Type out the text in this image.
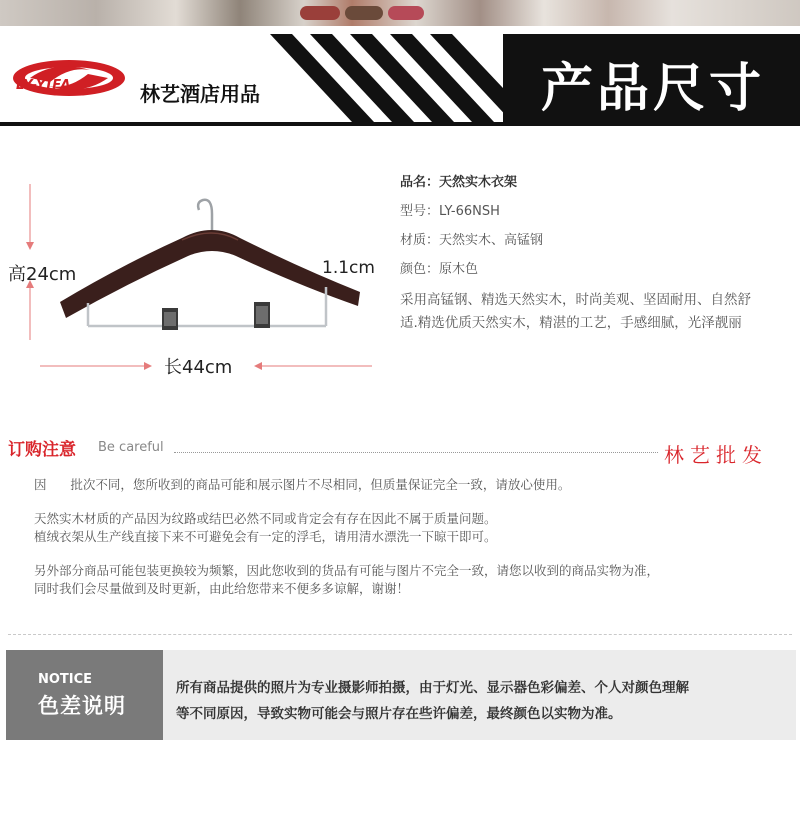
LY-YIFA	林艺酒店用品	产品尺寸
高24cm	1.1cm
长44cm
品名：天然实木衣架
型号：LY-66NSH
材质：天然实木、高锰钢
颜色：原木色
采用高锰钢、精选天然实木，时尚美观、坚固耐用、自然舒
适.精选优质天然实木，精湛的工艺，手感细腻，光泽靓丽
订购注意 Be careful	林艺批发
因      批次不同，您所收到的商品可能和展示图片不尽相同，但质量保证完全一致，请放心使用。
天然实木材质的产品因为纹路或结巴必然不同或肯定会有存在因此不属于质量问题。
植绒衣架从生产线直接下来不可避免会有一定的浮毛，请用清水漂洗一下晾干即可。
另外部分商品可能包装更换较为频繁，因此您收到的货品有可能与图片不完全一致，请您以收到的商品实物为准，
同时我们会尽量做到及时更新，由此给您带来不便多多谅解，谢谢！
NOTICE
色差说明
所有商品提供的照片为专业摄影师拍摄，由于灯光、显示器色彩偏差、个人对颜色理解
等不同原因，导致实物可能会与照片存在些许偏差，最终颜色以实物为准。
